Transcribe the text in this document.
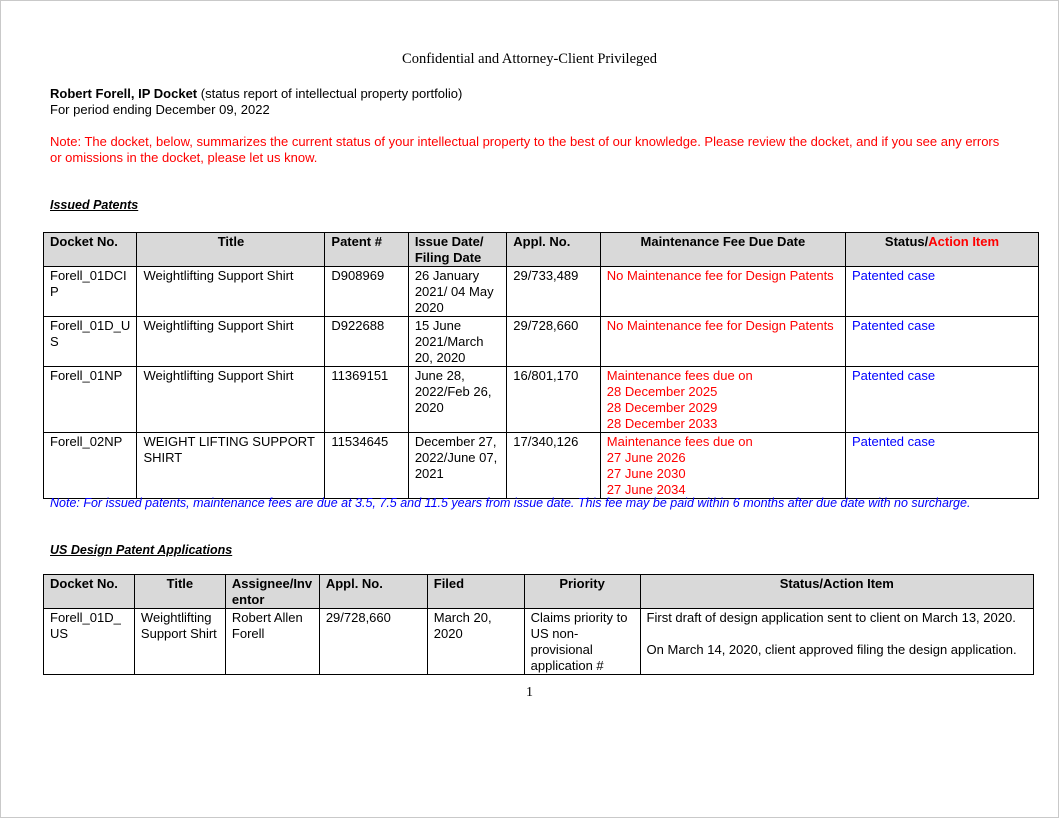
Confidential and Attorney-Client Privileged
Robert Forell, IP Docket (status report of intellectual property portfolio)
For period ending December 09, 2022
Note: The docket, below, summarizes the current status of your intellectual property to the best of our knowledge. Please review the docket, and if you see any errors or omissions in the docket, please let us know.
Issued Patents
Docket No.	Title	Patent #	Issue Date/ Filing Date	Appl. No.	Maintenance Fee Due Date	Status/Action Item
Forell_01DCIP	Weightlifting Support Shirt	D908969	26 January 2021/ 04 May 2020	29/733,489	No Maintenance fee for Design Patents	Patented case
Forell_01D_US	Weightlifting Support Shirt	D922688	15 June 2021/March 20, 2020	29/728,660	No Maintenance fee for Design Patents	Patented case
Forell_01NP	Weightlifting Support Shirt	11369151	June 28, 2022/Feb 26, 2020	16/801,170	Maintenance fees due on
28 December 2025
28 December 2029
28 December 2033	Patented case
Forell_02NP	WEIGHT LIFTING SUPPORT SHIRT	11534645	December 27, 2022/June 07, 2021	17/340,126	Maintenance fees due on
27 June 2026
27 June 2030
27 June 2034	Patented case
Note: For issued patents, maintenance fees are due at 3.5, 7.5 and 11.5 years from issue date. This fee may be paid within 6 months after due date with no surcharge.
US Design Patent Applications
Docket No.	Title	Assignee/Inventor	Appl. No.	Filed	Priority	Status/Action Item
Forell_01D_US	Weightlifting Support Shirt	Robert Allen Forell	29/728,660	March 20, 2020	Claims priority to US non-provisional application #	First draft of design application sent to client on March 13, 2020.
On March 14, 2020, client approved filing the design application.
1
